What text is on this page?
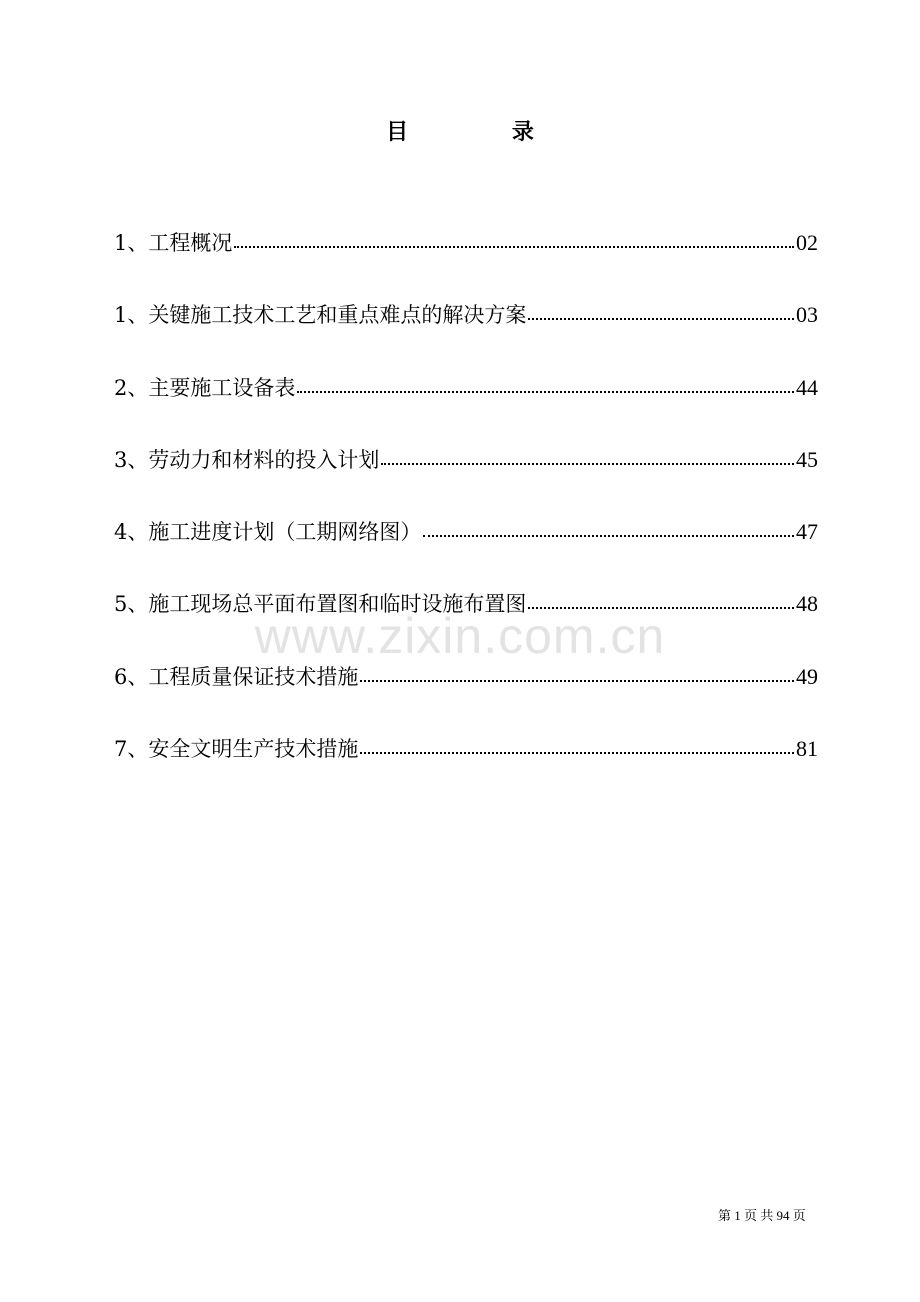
目 录
1、工程概况	02
1、关键施工技术工艺和重点难点的解决方案	03
2、主要施工设备表	44
3、劳动力和材料的投入计划	45
4、施工进度计划（工期网络图）	47
5、施工现场总平面布置图和临时设施布置图	48
6、工程质量保证技术措施	49
7、安全文明生产技术措施	81
www.zixin.com.cn
第 1 页 共 94 页
